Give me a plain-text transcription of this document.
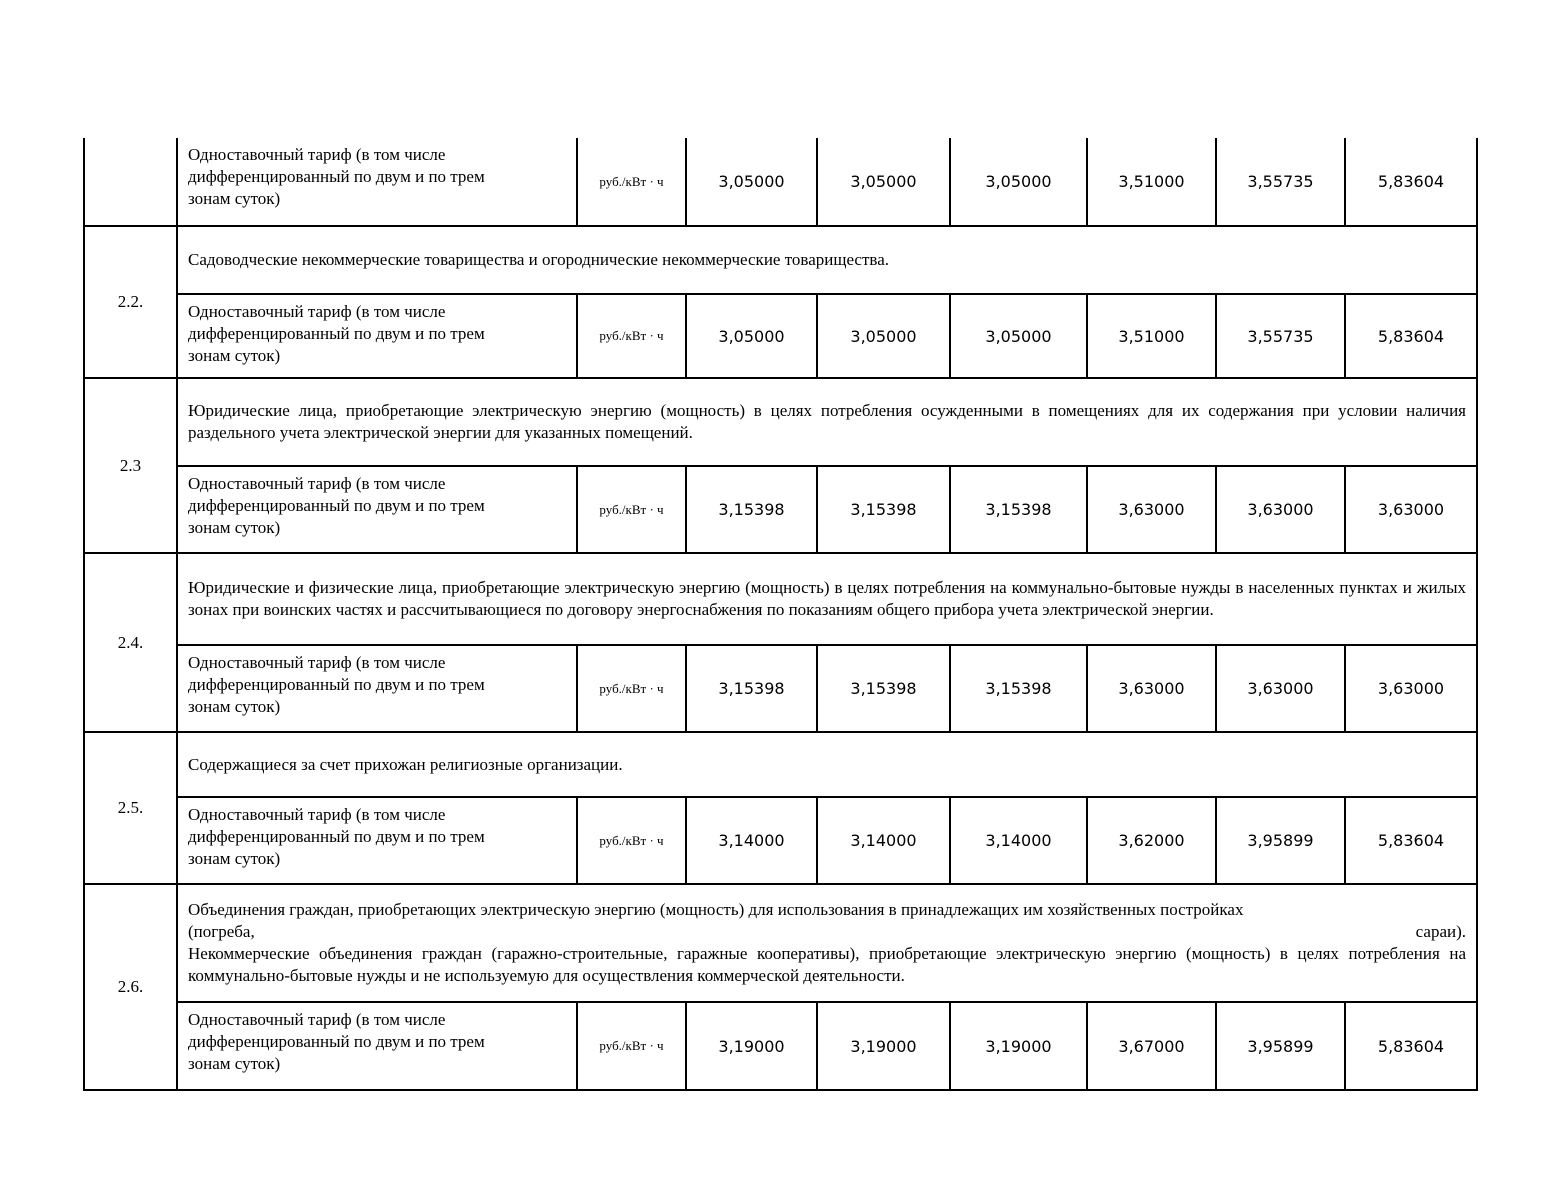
	Одноставочный тариф (в том числе
дифференцированный по двум и по трем
зонам суток)	руб./кВт · ч	3,05000	3,05000	3,05000	3,51000	3,55735	5,83604
2.2.	Садоводческие некоммерческие товарищества и огороднические некоммерческие товарищества.							

	Одноставочный тариф (в том числе
дифференцированный по двум и по трем
зонам суток)	руб./кВт · ч	3,05000	3,05000	3,05000	3,51000	3,55735	5,83604
2.3	Юридические лица, приобретающие электрическую энергию (мощность) в целях потребления осужденными в помещениях для их содержания при условии наличия раздельного учета электрической энергии для указанных помещений.							

	Одноставочный тариф (в том числе
дифференцированный по двум и по трем
зонам суток)	руб./кВт · ч	3,15398	3,15398	3,15398	3,63000	3,63000	3,63000
2.4.	Юридические и физические лица, приобретающие электрическую энергию (мощность) в целях потребления на коммунально-бытовые нужды в населенных пунктах и жилых зонах при воинских частях и рассчитывающиеся по договору энергоснабжения по показаниям общего прибора учета электрической энергии.							

	Одноставочный тариф (в том числе
дифференцированный по двум и по трем
зонам суток)	руб./кВт · ч	3,15398	3,15398	3,15398	3,63000	3,63000	3,63000
2.5.	Содержащиеся за счет прихожан религиозные организации.							

	Одноставочный тариф (в том числе
дифференцированный по двум и по трем
зонам суток)	руб./кВт · ч	3,14000	3,14000	3,14000	3,62000	3,95899	5,83604
2.6.	Объединения граждан, приобретающих электрическую энергию (мощность) для использования в принадлежащих им хозяйственных постройках
(погреба, сараи).
Некоммерческие объединения граждан (гаражно-строительные, гаражные кооперативы), приобретающие электрическую энергию (мощность) в целях потребления на коммунально-бытовые нужды и не используемую для осуществления коммерческой деятельности.							

	Одноставочный тариф (в том числе
дифференцированный по двум и по трем
зонам суток)	руб./кВт · ч	3,19000	3,19000	3,19000	3,67000	3,95899	5,83604
